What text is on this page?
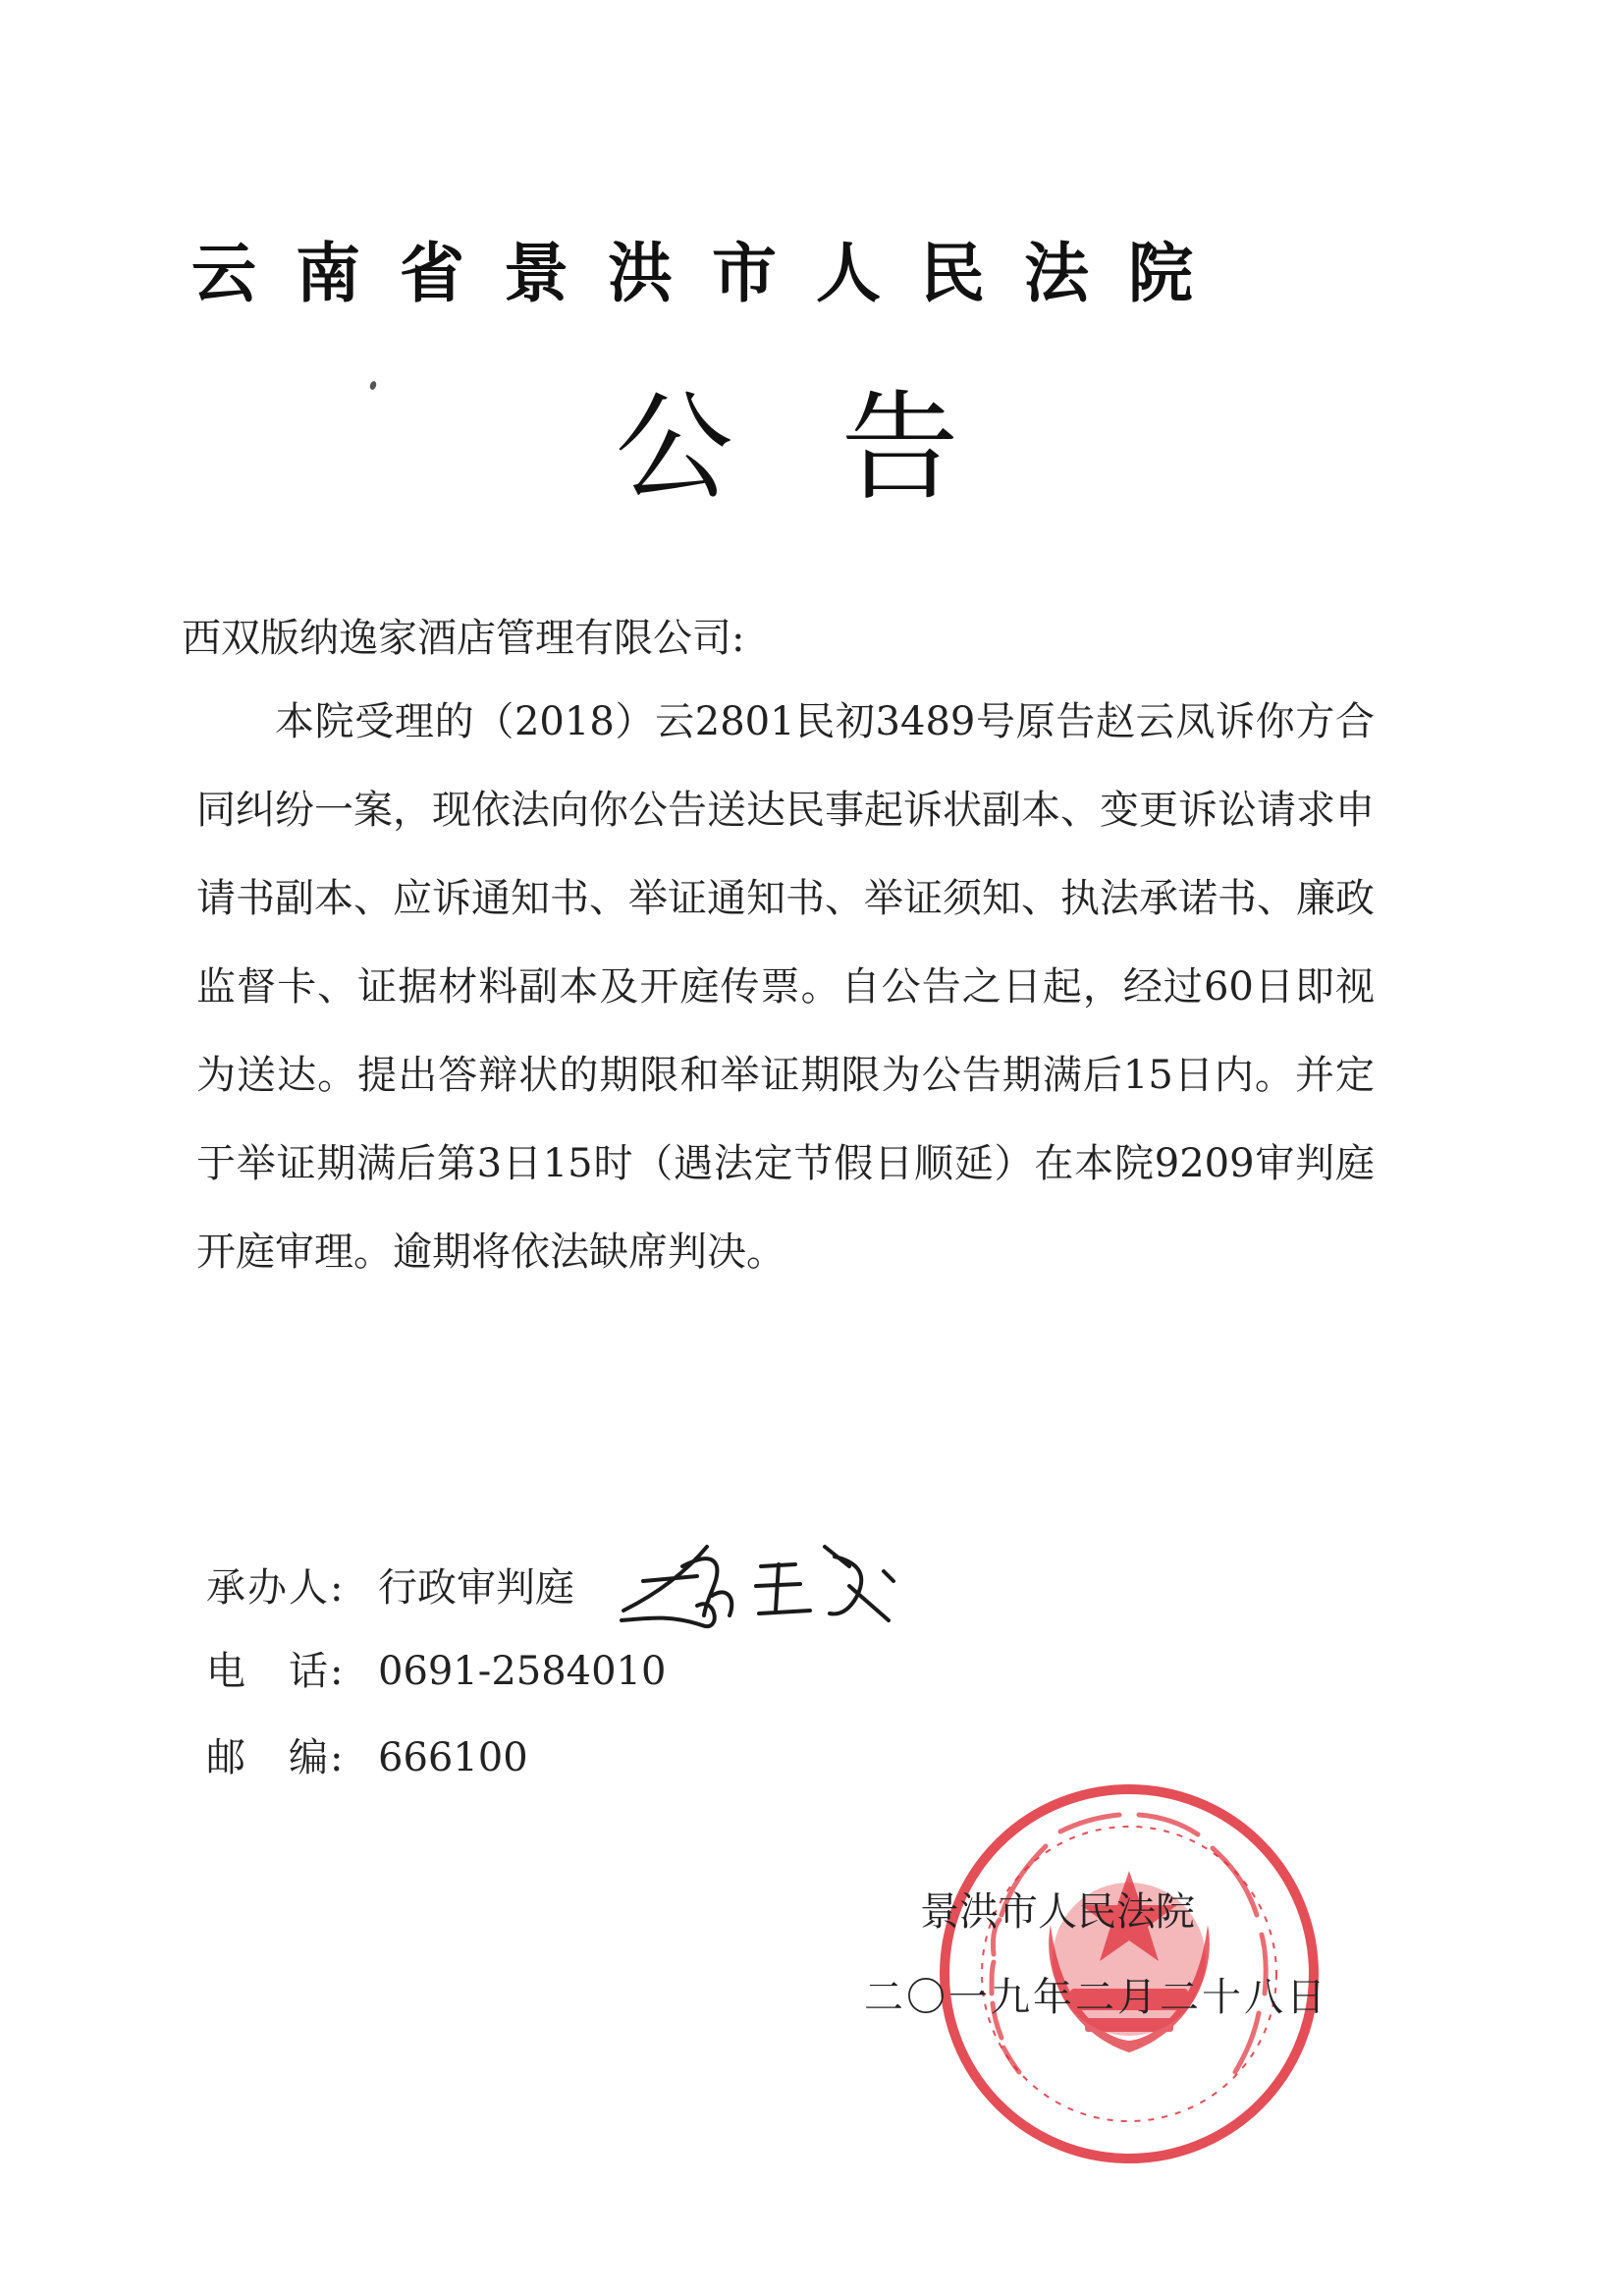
云南省景洪市人民法院
公告
西双版纳逸家酒店管理有限公司:
本院受理的（2018）云2801民初3489号原告赵云凤诉你方合同纠纷一案，现依法向你公告送达民事起诉状副本、变更诉讼请求申请书副本、应诉通知书、举证通知书、举证须知、执法承诺书、廉政监督卡、证据材料副本及开庭传票。自公告之日起，经过60日即视为送达。提出答辩状的期限和举证期限为公告期满后15日内。并定于举证期满后第3日15时（遇法定节假日顺延）在本院9209审判庭开庭审理。逾期将依法缺席判决。
承办人: 行政审判庭
电　话: 0691-2584010
邮　编: 666100
景洪市人民法院
二〇一九年二月二十八日
